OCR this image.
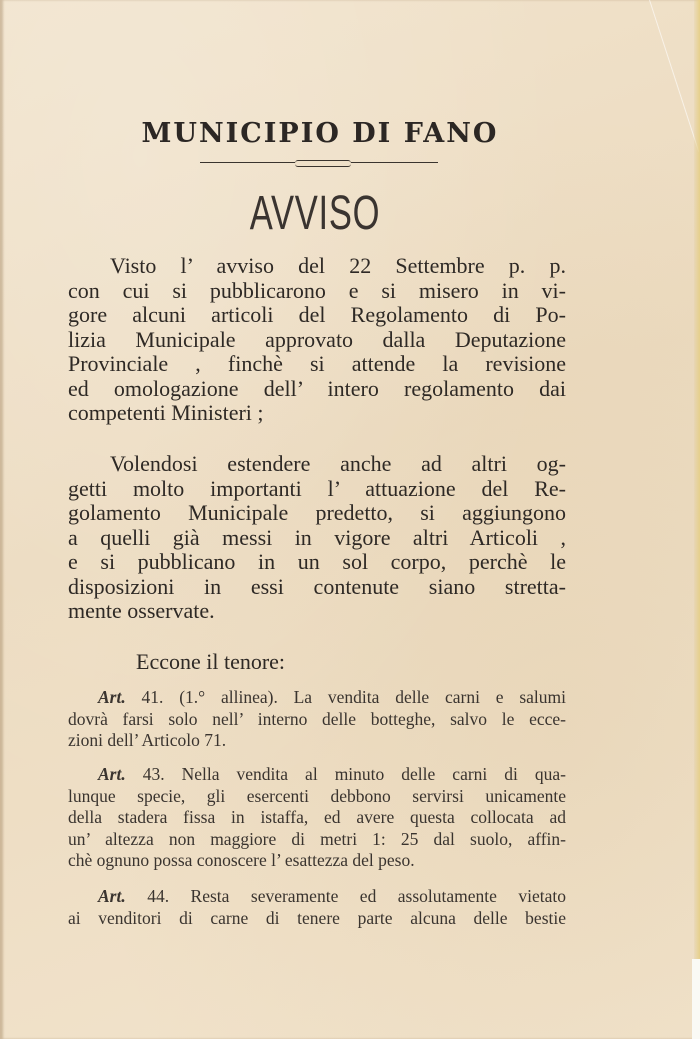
MUNICIPIO DI FANO
AVVISO
Visto l’ avviso del 22 Settembre p. p.
con cui si pubblicarono e si misero in vi-
gore alcuni articoli del Regolamento di Po-
lizia Municipale approvato dalla Deputazione
Provinciale , finchè si attende la revisione
ed omologazione dell’ intero regolamento dai
competenti Ministeri ;
Volendosi estendere anche ad altri og-
getti molto importanti l’ attuazione del Re-
golamento Municipale predetto, si aggiungono
a quelli già messi in vigore altri Articoli ,
e si pubblicano in un sol corpo, perchè le
disposizioni in essi contenute siano stretta-
mente osservate.
Eccone il tenore:
Art. 41. (1.° allinea). La vendita delle carni e salumi
dovrà farsi solo nell’ interno delle botteghe, salvo le ecce-
zioni dell’ Articolo 71.
Art. 43. Nella vendita al minuto delle carni di qua-
lunque specie, gli esercenti debbono servirsi unicamente
della stadera fissa in istaffa, ed avere questa collocata ad
un’ altezza non maggiore di metri 1: 25 dal suolo, affin-
chè ognuno possa conoscere l’ esattezza del peso.
Art. 44. Resta severamente ed assolutamente vietato
ai venditori di carne di tenere parte alcuna delle bestie
